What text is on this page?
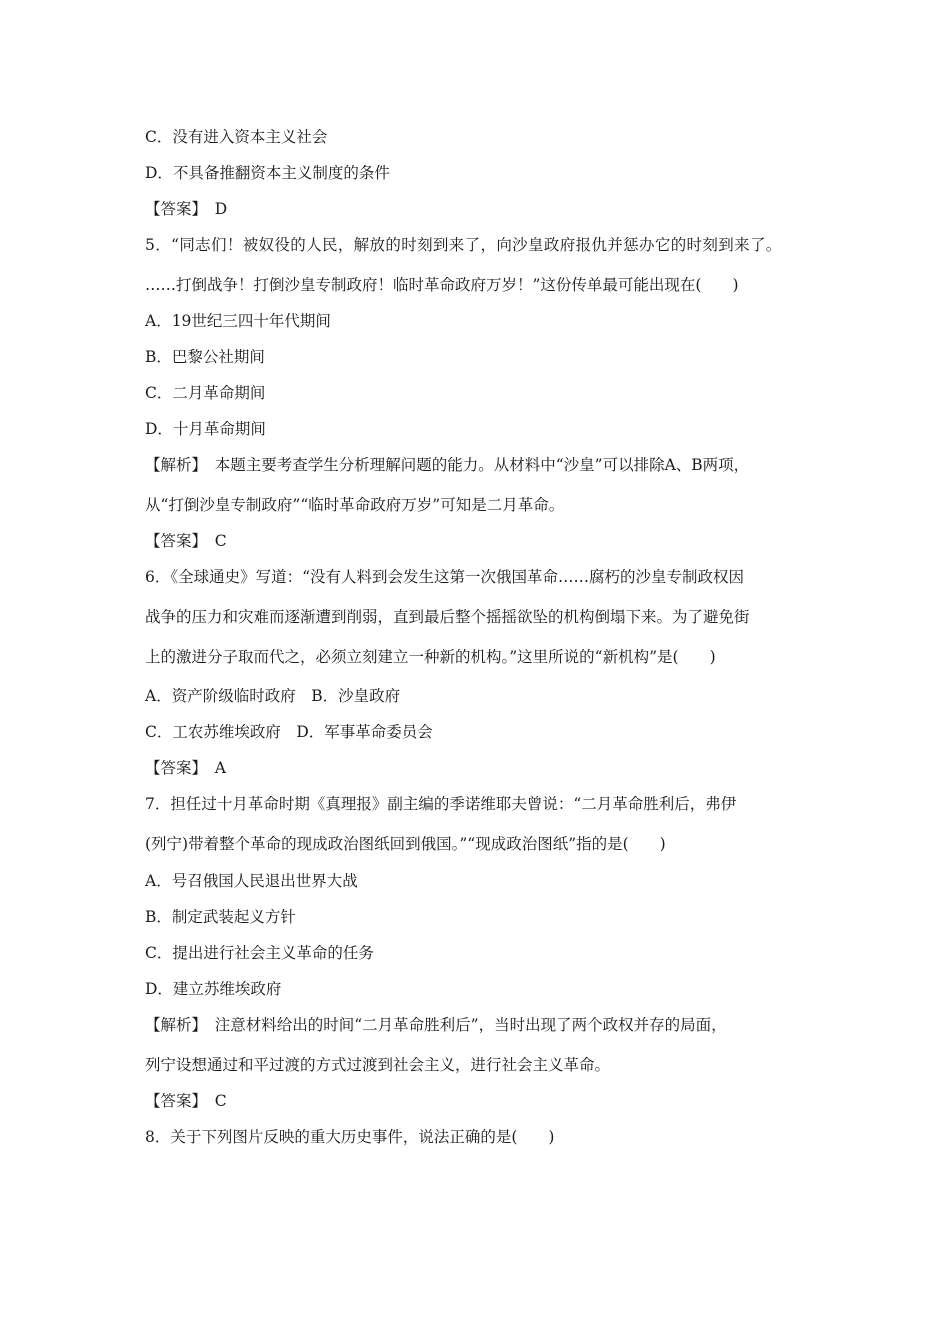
C．没有进入资本主义社会
D．不具备推翻资本主义制度的条件
【答案】　D
5．“同志们！被奴役的人民，解放的时刻到来了，向沙皇政府报仇并惩办它的时刻到来了。
……打倒战争！打倒沙皇专制政府！临时革命政府万岁！”这份传单最可能出现在(　　)
A．19世纪三四十年代期间
B．巴黎公社期间
C．二月革命期间
D．十月革命期间
【解析】　本题主要考查学生分析理解问题的能力。从材料中“沙皇”可以排除A、B两项，
从“打倒沙皇专制政府”“临时革命政府万岁”可知是二月革命。
【答案】　C
6．《全球通史》写道：“没有人料到会发生这第一次俄国革命……腐朽的沙皇专制政权因
战争的压力和灾难而逐渐遭到削弱，直到最后整个摇摇欲坠的机构倒塌下来。为了避免街
上的激进分子取而代之，必须立刻建立一种新的机构。”这里所说的“新机构”是(　　)
A．资产阶级临时政府　B．沙皇政府
C．工农苏维埃政府　D．军事革命委员会
【答案】　A
7．担任过十月革命时期《真理报》副主编的季诺维耶夫曾说：“二月革命胜利后，弗伊
(列宁)带着整个革命的现成政治图纸回到俄国。”“现成政治图纸”指的是(　　)
A．号召俄国人民退出世界大战
B．制定武装起义方针
C．提出进行社会主义革命的任务
D．建立苏维埃政府
【解析】　注意材料给出的时间“二月革命胜利后”，当时出现了两个政权并存的局面，
列宁设想通过和平过渡的方式过渡到社会主义，进行社会主义革命。
【答案】　C
8．关于下列图片反映的重大历史事件，说法正确的是(　　)
